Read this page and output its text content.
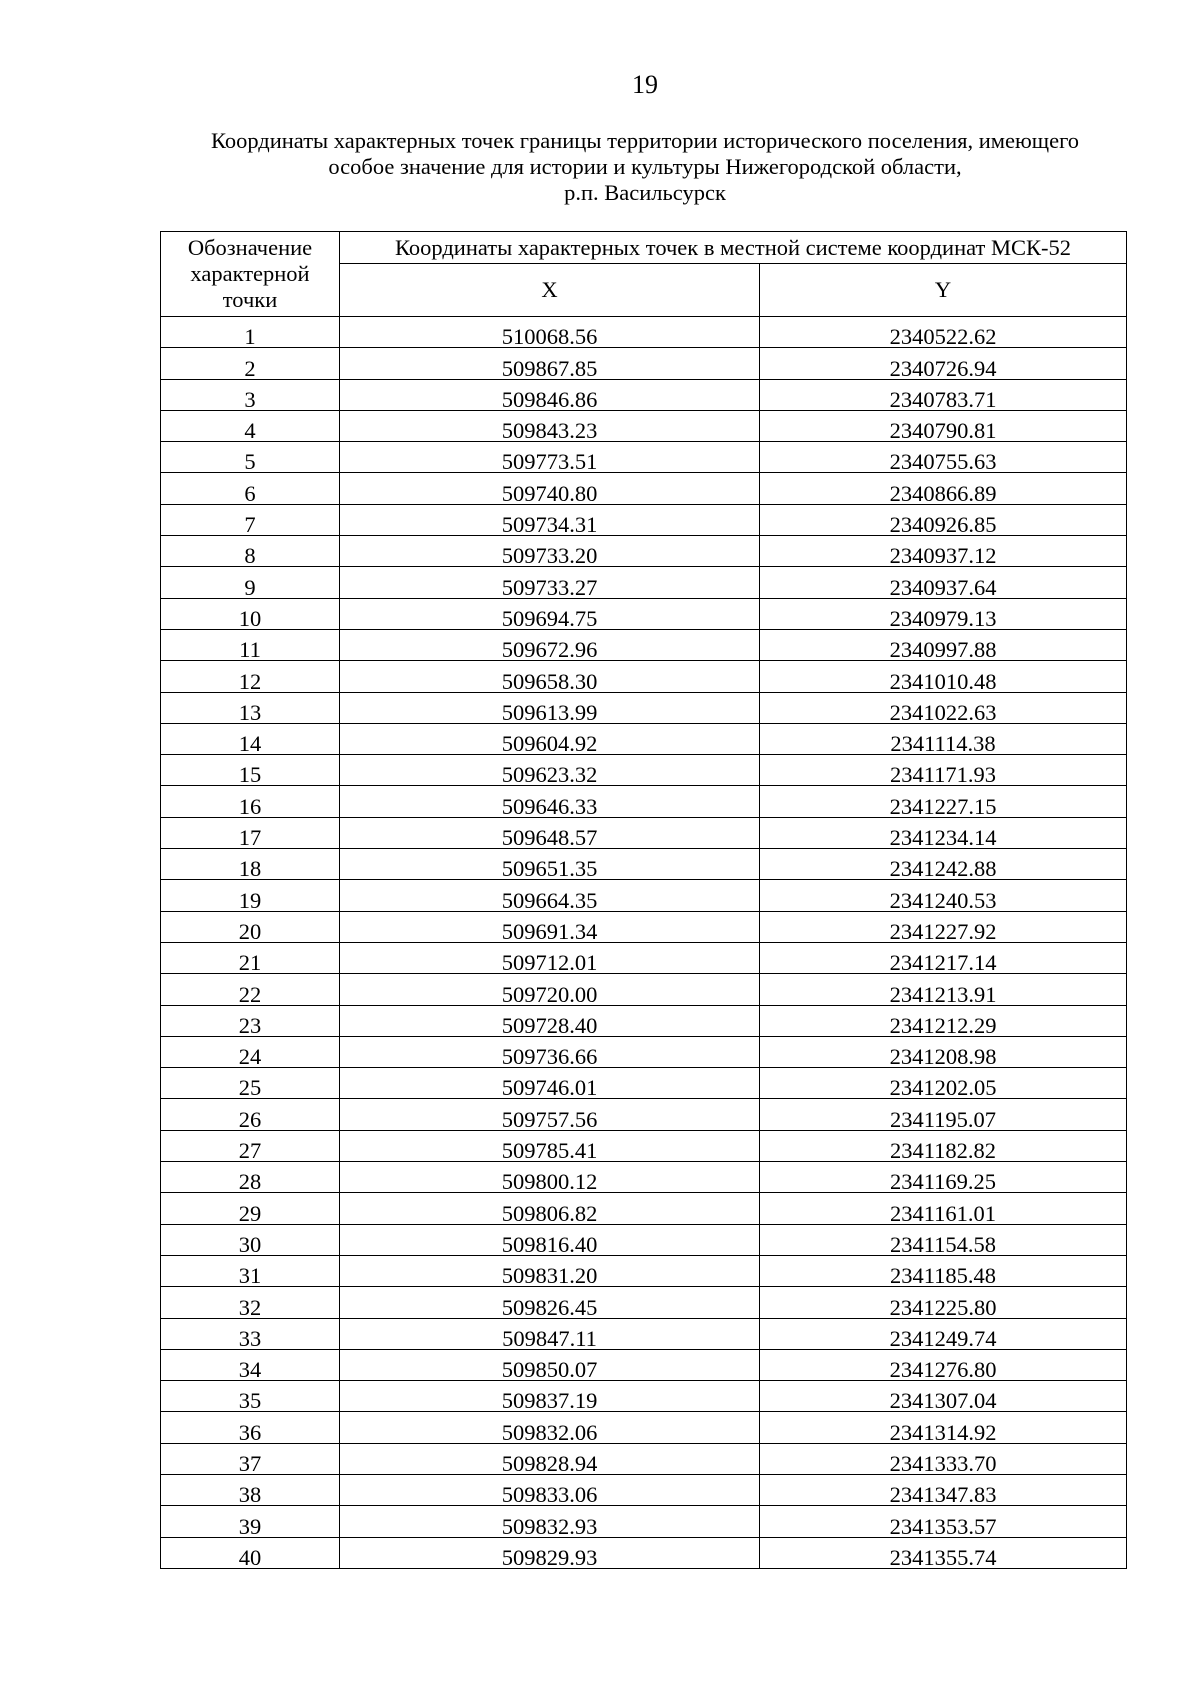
19
Координаты характерных точек границы территории исторического поселения, имеющего
особое значение для истории и культуры Нижегородской области,
р.п. Васильсурск
Обозначение
характерной
точки	Координаты характерных точек в местной системе координат МСК-52	
	X	Y
1	510068.56	2340522.62
2	509867.85	2340726.94
3	509846.86	2340783.71
4	509843.23	2340790.81
5	509773.51	2340755.63
6	509740.80	2340866.89
7	509734.31	2340926.85
8	509733.20	2340937.12
9	509733.27	2340937.64
10	509694.75	2340979.13
11	509672.96	2340997.88
12	509658.30	2341010.48
13	509613.99	2341022.63
14	509604.92	2341114.38
15	509623.32	2341171.93
16	509646.33	2341227.15
17	509648.57	2341234.14
18	509651.35	2341242.88
19	509664.35	2341240.53
20	509691.34	2341227.92
21	509712.01	2341217.14
22	509720.00	2341213.91
23	509728.40	2341212.29
24	509736.66	2341208.98
25	509746.01	2341202.05
26	509757.56	2341195.07
27	509785.41	2341182.82
28	509800.12	2341169.25
29	509806.82	2341161.01
30	509816.40	2341154.58
31	509831.20	2341185.48
32	509826.45	2341225.80
33	509847.11	2341249.74
34	509850.07	2341276.80
35	509837.19	2341307.04
36	509832.06	2341314.92
37	509828.94	2341333.70
38	509833.06	2341347.83
39	509832.93	2341353.57
40	509829.93	2341355.74
